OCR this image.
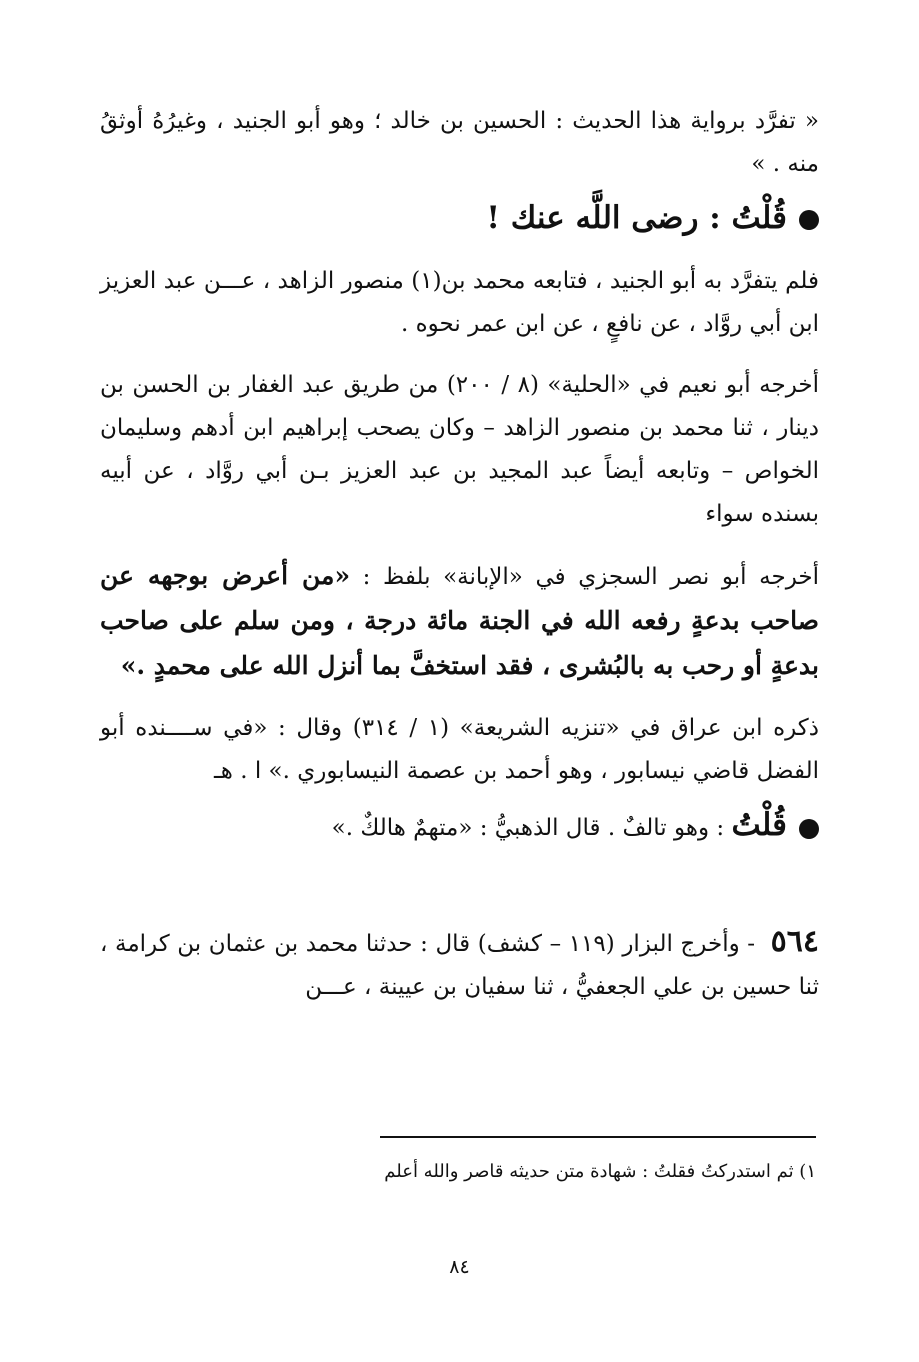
« تفرَّد برواية هذا الحديث : الحسين بن خالد ؛ وهو أبو الجنيد ، وغيرُهُ أوثقُ منه . »

قُلْتُ : رضى اللَّه عنك !

فلم يتفرَّد به أبو الجنيد ، فتابعه محمد بن(١) منصور الزاهد ، عـــن عبد العزيز ابن أبي روَّاد ، عن نافعٍ ، عن ابن عمر نحوه .

أخرجه أبو نعيم في «الحلية» (٨ / ٢٠٠) من طريق عبد الغفار بن الحسن بن دينار ، ثنا محمد بن منصور الزاهد – وكان يصحب إبراهيم ابن أدهم وسليمان الخواص – وتابعه أيضاً عبد المجيد بن عبد العزيز بـن أبي روَّاد ، عن أبيه بسنده سواء

أخرجه أبو نصر السجزي في «الإبانة» بلفظ : «من أعرض بوجهه عن صاحب بدعةٍ رفعه الله في الجنة مائة درجة ، ومن سلم على صاحب بدعةٍ أو رحب به بالبُشرى ، فقد استخفَّ بما أنزل الله على محمدٍ .»

ذكره ابن عراق في «تنزيه الشريعة» (١ / ٣١٤) وقال : «في ســــنده أبو الفضل قاضي نيسابور ، وهو أحمد بن عصمة النيسابوري .» ا . هـ

قُلْتُ : وهو تالفٌ . قال الذهبيُّ : «متهمٌ هالكٌ .»

٥٦٤ - وأخرج البزار (١١٩ – كشف) قال : حدثنا محمد بن عثمان بن كرامة ، ثنا حسين بن علي الجعفيُّ ، ثنا سفيان بن عيينة ، عـــن

١) ثم استدركتُ فقلتُ : شهادة متن حديثه قاصر والله أعلم
٨٤
